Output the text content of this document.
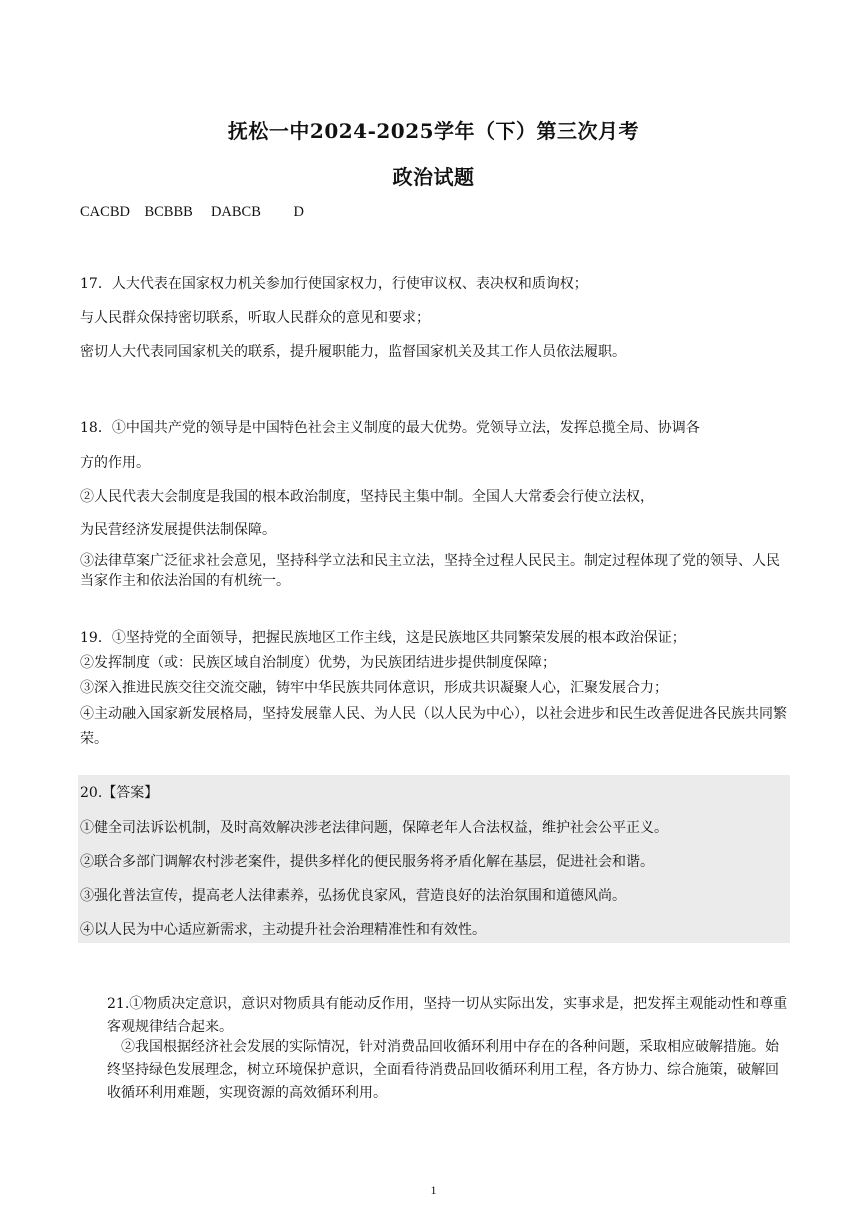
抚松一中2024-2025学年（下）第三次月考
政治试题
CACBD    BCBBB     DABCB         D
17．人大代表在国家权力机关参加行使国家权力，行使审议权、表决权和质询权；
与人民群众保持密切联系，听取人民群众的意见和要求；
密切人大代表同国家机关的联系，提升履职能力，监督国家机关及其工作人员依法履职。
18．①中国共产党的领导是中国特色社会主义制度的最大优势。党领导立法，发挥总揽全局、协调各
方的作用。
②人民代表大会制度是我国的根本政治制度，坚持民主集中制。全国人大常委会行使立法权，
为民营经济发展提供法制保障。
③法律草案广泛征求社会意见，坚持科学立法和民主立法，坚持全过程人民民主。制定过程体现了党的领导、人民当家作主和依法治国的有机统一。
19．①坚持党的全面领导，把握民族地区工作主线，这是民族地区共同繁荣发展的根本政治保证；
②发挥制度（或：民族区域自治制度）优势，为民族团结进步提供制度保障；
③深入推进民族交往交流交融，铸牢中华民族共同体意识，形成共识凝聚人心，汇聚发展合力；
④主动融入国家新发展格局，坚持发展靠人民、为人民（以人民为中心），以社会进步和民生改善促进各民族共同繁荣。
20.【答案】
①健全司法诉讼机制，及时高效解决涉老法律问题，保障老年人合法权益，维护社会公平正义。
②联合多部门调解农村涉老案件，提供多样化的便民服务将矛盾化解在基层，促进社会和谐。
③强化普法宣传，提高老人法律素养，弘扬优良家风，营造良好的法治氛围和道德风尚。
④以人民为中心适应新需求，主动提升社会治理精准性和有效性。
21.①物质决定意识，意识对物质具有能动反作用，坚持一切从实际出发，实事求是，把发挥主观能动性和尊重客观规律结合起来。
②我国根据经济社会发展的实际情况，针对消费品回收循环利用中存在的各种问题，采取相应破解措施。始终坚持绿色发展理念，树立环境保护意识，全面看待消费品回收循环利用工程，各方协力、综合施策，破解回收循环利用难题，实现资源的高效循环利用。
1
